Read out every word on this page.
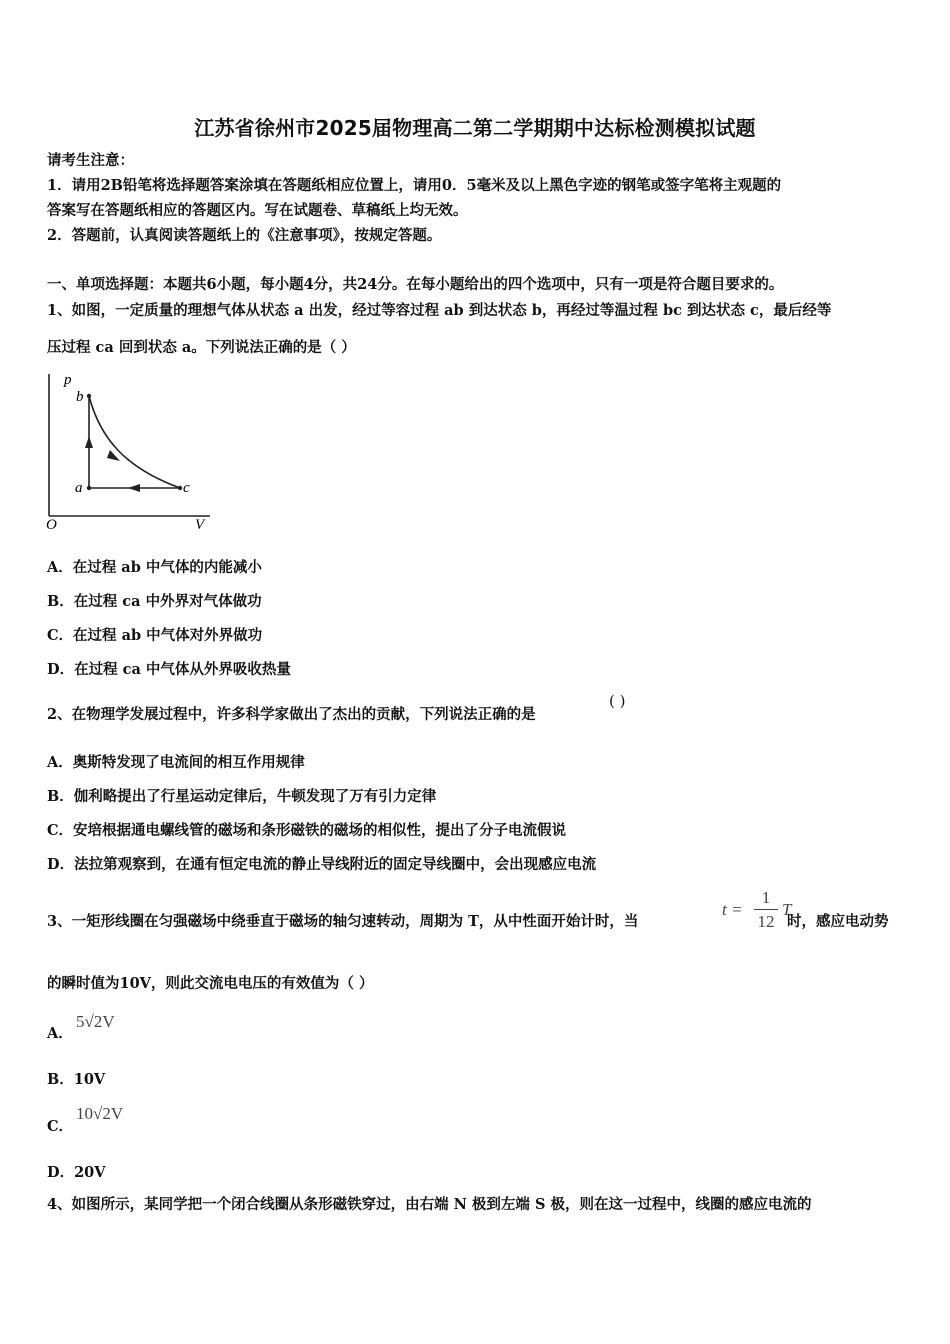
江苏省徐州市2025届物理高二第二学期期中达标检测模拟试题
请考生注意：
1．请用2B铅笔将选择题答案涂填在答题纸相应位置上，请用0．5毫米及以上黑色字迹的钢笔或签字笔将主观题的
答案写在答题纸相应的答题区内。写在试题卷、草稿纸上均无效。
2．答题前，认真阅读答题纸上的《注意事项》，按规定答题。
一、单项选择题：本题共6小题，每小题4分，共24分。在每小题给出的四个选项中，只有一项是符合题目要求的。
1、如图，一定质量的理想气体从状态 a 出发，经过等容过程 ab 到达状态 b，再经过等温过程 bc 到达状态 c，最后经等
压过程 ca 回到状态 a。下列说法正确的是（ ）
p
V
O
b
a	c
A．在过程 ab 中气体的内能减小
B．在过程 ca 中外界对气体做功
C．在过程 ab 中气体对外界做功
D．在过程 ca 中气体从外界吸收热量
2、在物理学发展过程中，许多科学家做出了杰出的贡献，下列说法正确的是
( )
A．奥斯特发现了电流间的相互作用规律
B．伽利略提出了行星运动定律后，牛顿发现了万有引力定律
C．安培根据通电螺线管的磁场和条形磁铁的磁场的相似性，提出了分子电流假说
D．法拉第观察到，在通有恒定电流的静止导线附近的固定导线圈中，会出现感应电流
3、一矩形线圈在匀强磁场中绕垂直于磁场的轴匀速转动，周期为 T，从中性面开始计时，当
t =
1
12
T
时，感应电动势
的瞬时值为10V，则此交流电电压的有效值为（ ）
A．
5√2V
B．10V
C．
10√2V
D．20V
4、如图所示，某同学把一个闭合线圈从条形磁铁穿过，由右端 N 极到左端 S 极，则在这一过程中，线圈的感应电流的
